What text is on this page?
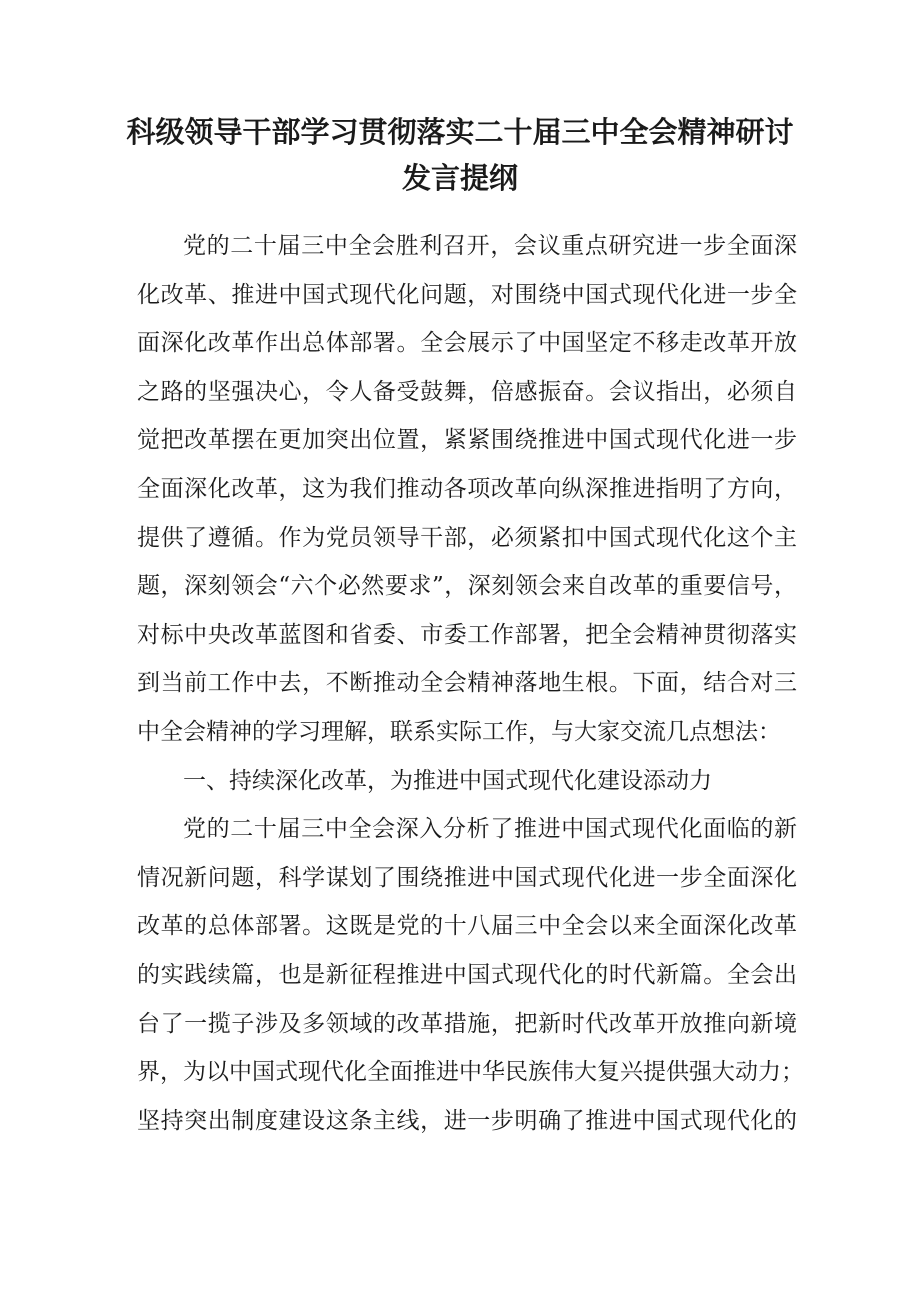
科级领导干部学习贯彻落实二十届三中全会精神研讨
发言提纲
党的二十届三中全会胜利召开，会议重点研究进一步全面深
化改革、推进中国式现代化问题，对围绕中国式现代化进一步全
面深化改革作出总体部署。全会展示了中国坚定不移走改革开放
之路的坚强决心，令人备受鼓舞，倍感振奋。会议指出，必须自
觉把改革摆在更加突出位置，紧紧围绕推进中国式现代化进一步
全面深化改革，这为我们推动各项改革向纵深推进指明了方向，
提供了遵循。作为党员领导干部，必须紧扣中国式现代化这个主
题，深刻领会“六个必然要求”，深刻领会来自改革的重要信号，
对标中央改革蓝图和省委、市委工作部署，把全会精神贯彻落实
到当前工作中去，不断推动全会精神落地生根。下面，结合对三
中全会精神的学习理解，联系实际工作，与大家交流几点想法：
一、持续深化改革，为推进中国式现代化建设添动力
党的二十届三中全会深入分析了推进中国式现代化面临的新
情况新问题，科学谋划了围绕推进中国式现代化进一步全面深化
改革的总体部署。这既是党的十八届三中全会以来全面深化改革
的实践续篇，也是新征程推进中国式现代化的时代新篇。全会出
台了一揽子涉及多领域的改革措施，把新时代改革开放推向新境
界，为以中国式现代化全面推进中华民族伟大复兴提供强大动力；
坚持突出制度建设这条主线，进一步明确了推进中国式现代化的
